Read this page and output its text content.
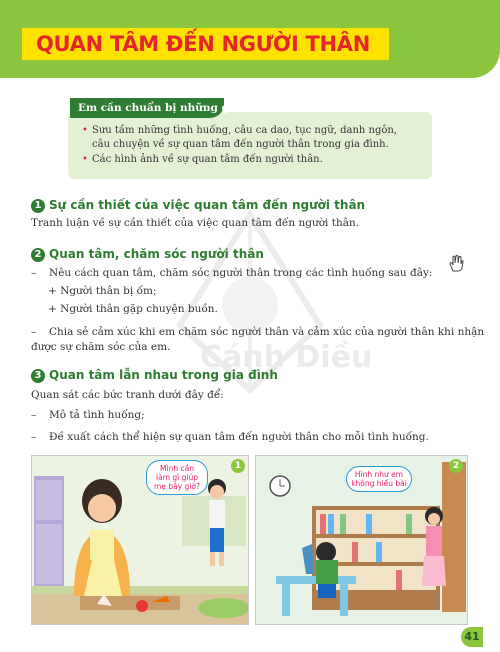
QUAN TÂM ĐẾN NGƯỜI THÂN
Cánh Diều
Em cần chuẩn bị những gì?
• Sưu tầm những tình huống, câu ca dao, tục ngữ, danh ngôn,
câu chuyện về sự quan tâm đến người thân trong gia đình.
• Các hình ảnh về sự quan tâm đến người thân.
1 Sự cần thiết của việc quan tâm đến người thân
Tranh luận về sự cần thiết của việc quan tâm đến người thân.
2 Quan tâm, chăm sóc người thân
– Nêu cách quan tâm, chăm sóc người thân trong các tình huống sau đây:
+ Người thân bị ốm;
+ Người thân gặp chuyện buồn.
– Chia sẻ cảm xúc khi em chăm sóc người thân và cảm xúc của người thân khi nhận
được sự chăm sóc của em.
3 Quan tâm lẫn nhau trong gia đình
Quan sát các bức tranh dưới đây để:
– Mô tả tình huống;
– Đề xuất cách thể hiện sự quan tâm đến người thân cho mỗi tình huống.
Mình cần
làm gì giúp
mẹ bây giờ?
1
Hình như em
không hiểu bài
2
41
